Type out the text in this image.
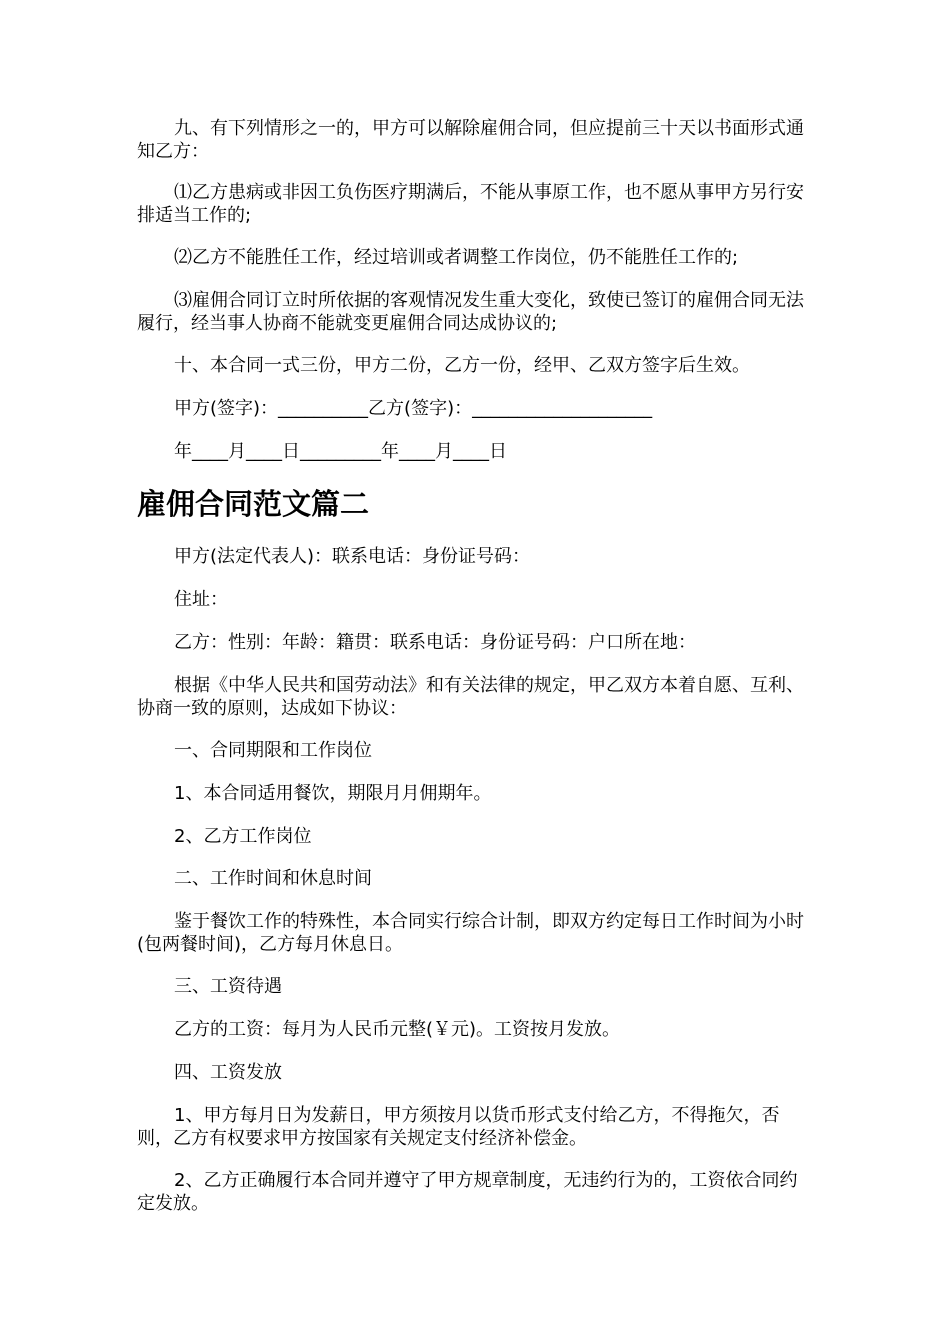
九、有下列情形之一的，甲方可以解除雇佣合同，但应提前三十天以书面形式通知乙方：

⑴乙方患病或非因工负伤医疗期满后，不能从事原工作，也不愿从事甲方另行安排适当工作的;

⑵乙方不能胜任工作，经过培训或者调整工作岗位，仍不能胜任工作的;

⑶雇佣合同订立时所依据的客观情况发生重大变化，致使已签订的雇佣合同无法履行，经当事人协商不能就变更雇佣合同达成协议的;

十、本合同一式三份，甲方二份，乙方一份，经甲、乙双方签字后生效。

甲方(签字)：__________乙方(签字)：____________________

年____月____日_________年____月____日

雇佣合同范文篇二

甲方(法定代表人)：联系电话：身份证号码：

住址：

乙方：性别：年龄：籍贯：联系电话：身份证号码：户口所在地：

根据《中华人民共和国劳动法》和有关法律的规定，甲乙双方本着自愿、互利、协商一致的原则，达成如下协议：

一、合同期限和工作岗位

1、本合同适用餐饮，期限月月佣期年。

2、乙方工作岗位

二、工作时间和休息时间

鉴于餐饮工作的特殊性，本合同实行综合计制，即双方约定每日工作时间为小时(包两餐时间)，乙方每月休息日。

三、工资待遇

乙方的工资：每月为人民币元整(￥元)。工资按月发放。

四、工资发放

1、甲方每月日为发薪日，甲方须按月以货币形式支付给乙方，不得拖欠，否则，乙方有权要求甲方按国家有关规定支付经济补偿金。

2、乙方正确履行本合同并遵守了甲方规章制度，无违约行为的，工资依合同约定发放。
